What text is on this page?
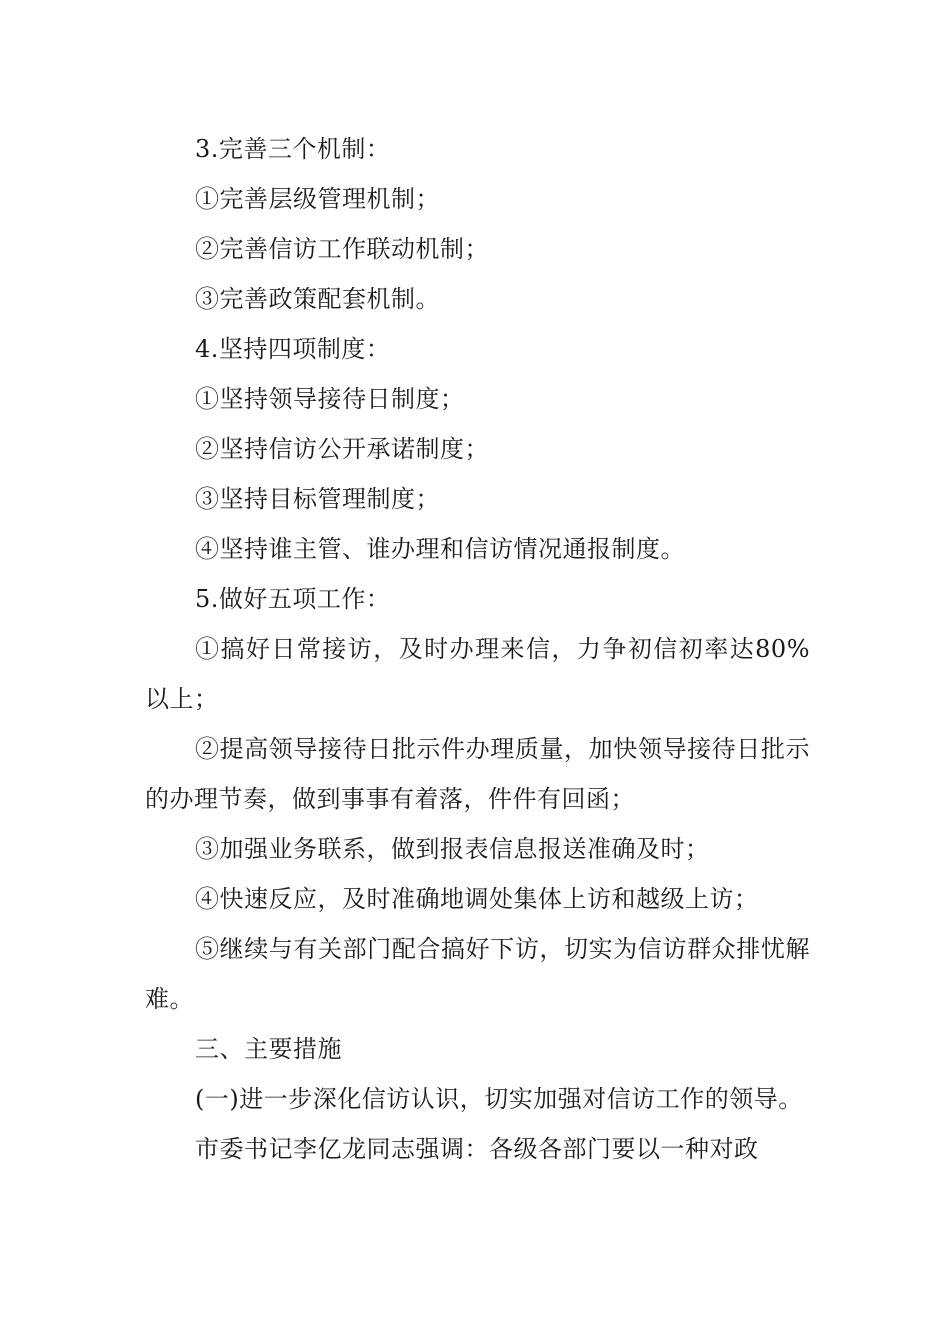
3.完善三个机制：

①完善层级管理机制；

②完善信访工作联动机制；

③完善政策配套机制。

4.坚持四项制度：

①坚持领导接待日制度；

②坚持信访公开承诺制度；

③坚持目标管理制度；

④坚持谁主管、谁办理和信访情况通报制度。

5.做好五项工作：

①搞好日常接访，及时办理来信，力争初信初率达80%以上；

②提高领导接待日批示件办理质量，加快领导接待日批示的办理节奏，做到事事有着落，件件有回函；

③加强业务联系，做到报表信息报送准确及时；

④快速反应，及时准确地调处集体上访和越级上访；

⑤继续与有关部门配合搞好下访，切实为信访群众排忧解难。

三、主要措施

(一)进一步深化信访认识，切实加强对信访工作的领导。

市委书记李亿龙同志强调：各级各部门要以一种对政
